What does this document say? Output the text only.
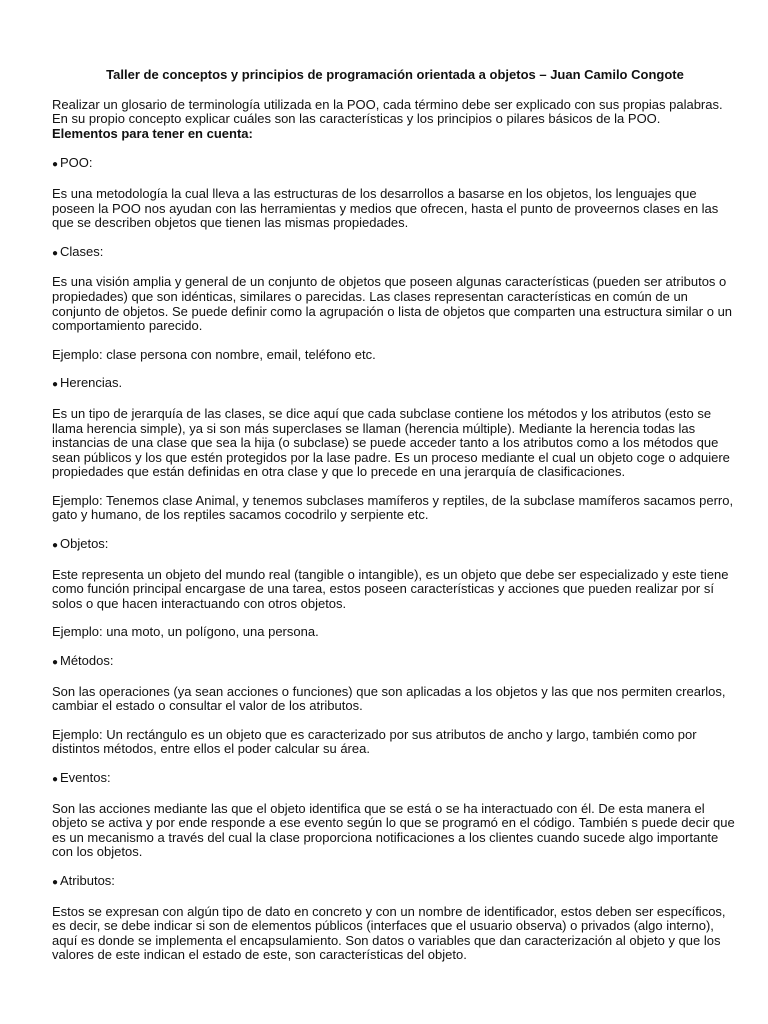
Taller de conceptos y principios de programación orientada a objetos – Juan Camilo Congote

Realizar un glosario de terminología utilizada en la POO, cada término debe ser explicado con sus propias palabras. En su propio concepto explicar cuáles son las características y los principios o pilares básicos de la POO.

Elementos para tener en cuenta:

● POO:

Es una metodología la cual lleva a las estructuras de los desarrollos a basarse en los objetos, los lenguajes que poseen la POO nos ayudan con las herramientas y medios que ofrecen, hasta el punto de proveernos clases en las que se describen objetos que tienen las mismas propiedades.

● Clases:

Es una visión amplia y general de un conjunto de objetos que poseen algunas características (pueden ser atributos o propiedades) que son idénticas, similares o parecidas. Las clases representan características en común de un conjunto de objetos. Se puede definir como la agrupación o lista de objetos que comparten una estructura similar o un comportamiento parecido.

Ejemplo: clase persona con nombre, email, teléfono etc.

● Herencias.

Es un tipo de jerarquía de las clases, se dice aquí que cada subclase contiene los métodos y los atributos (esto se llama herencia simple), ya si son más superclases se llaman (herencia múltiple). Mediante la herencia todas las instancias de una clase que sea la hija (o subclase) se puede acceder tanto a los atributos como a los métodos que sean públicos y los que estén protegidos por la lase padre. Es un proceso mediante el cual un objeto coge o adquiere propiedades que están definidas en otra clase y que lo precede en una jerarquía de clasificaciones.

Ejemplo: Tenemos clase Animal, y tenemos subclases mamíferos y reptiles, de la subclase mamíferos sacamos perro, gato y humano, de los reptiles sacamos cocodrilo y serpiente etc.

● Objetos:

Este representa un objeto del mundo real (tangible o intangible), es un objeto que debe ser especializado y este tiene como función principal encargase de una tarea, estos poseen características y acciones que pueden realizar por sí solos o que hacen interactuando con otros objetos.

Ejemplo: una moto, un polígono, una persona.

● Métodos:

Son las operaciones (ya sean acciones o funciones) que son aplicadas a los objetos y las que nos permiten crearlos, cambiar el estado o consultar el valor de los atributos.

Ejemplo: Un rectángulo es un objeto que es caracterizado por sus atributos de ancho y largo, también como por distintos métodos, entre ellos el poder calcular su área.

● Eventos:

Son las acciones mediante las que el objeto identifica que se está o se ha interactuado con él. De esta manera el objeto se activa y por ende responde a ese evento según lo que se programó en el código. También s puede decir que es un mecanismo a través del cual la clase proporciona notificaciones a los clientes cuando sucede algo importante con los objetos.

● Atributos:

Estos se expresan con algún tipo de dato en concreto y con un nombre de identificador, estos deben ser específicos, es decir, se debe indicar si son de elementos públicos (interfaces que el usuario observa) o privados (algo interno), aquí es donde se implementa el encapsulamiento. Son datos o variables que dan caracterización al objeto y que los valores de este indican el estado de este, son características del objeto.
